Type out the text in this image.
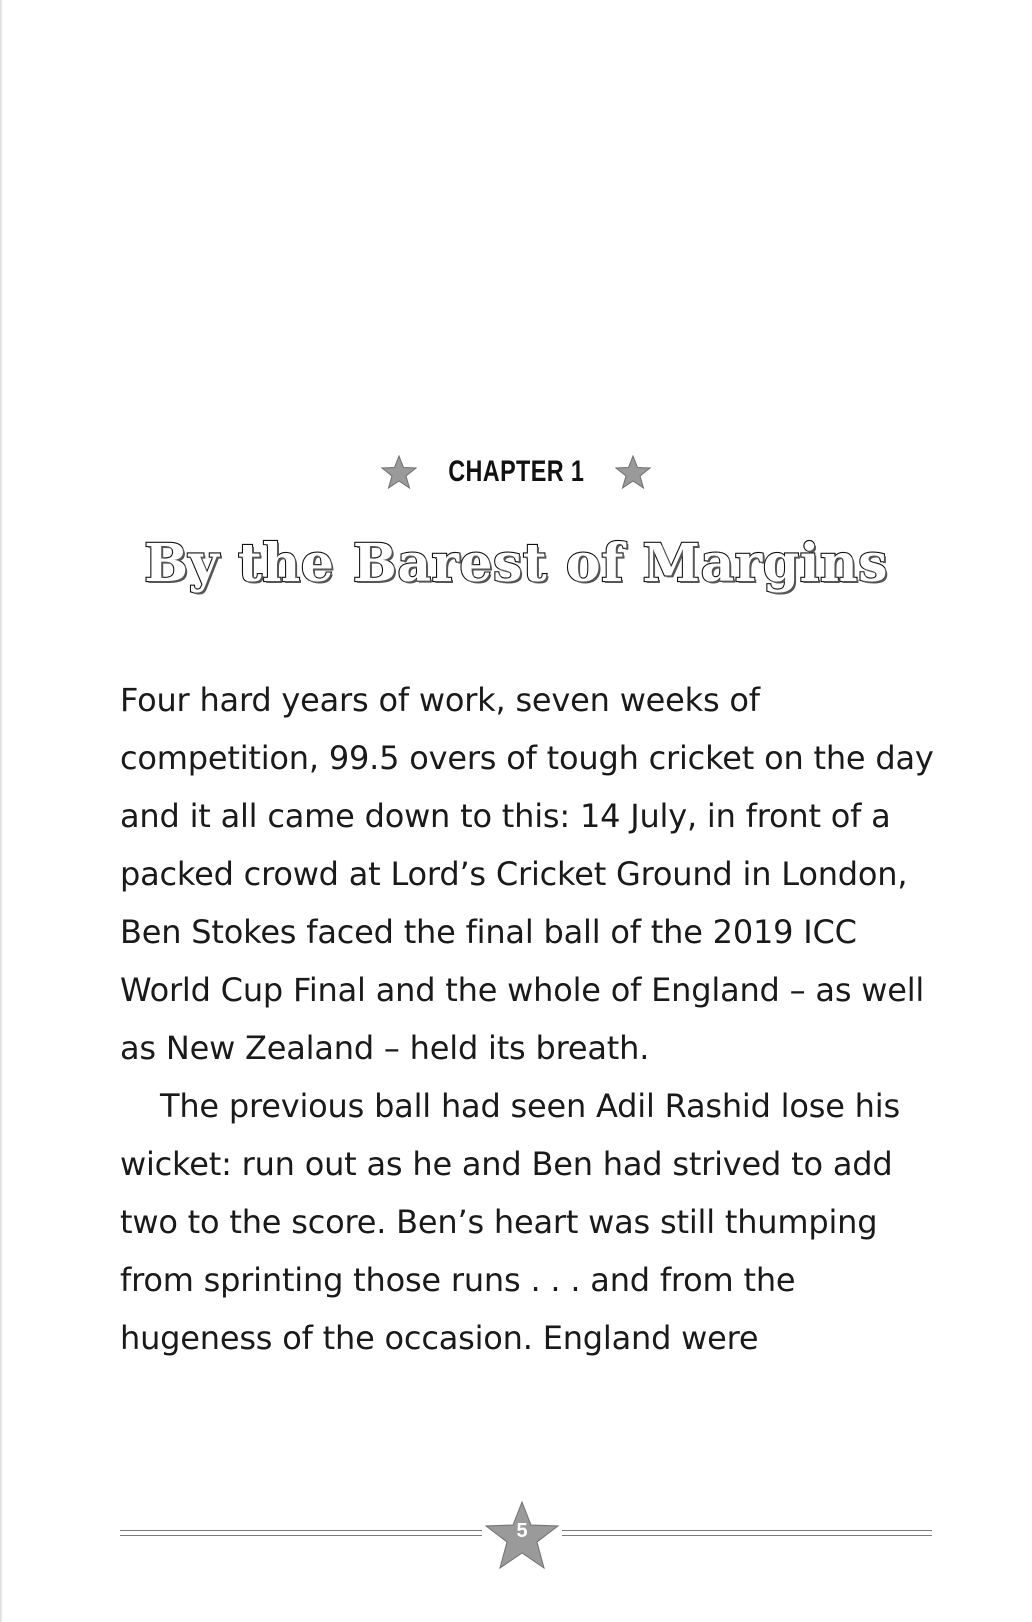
CHAPTER 1
By the Barest of Margins

Four hard years of work, seven weeks of competition, 99.5 overs of tough cricket on the day and it all came down to this: 14 July, in front of a packed crowd at Lord’s Cricket Ground in London, Ben Stokes faced the final ball of the 2019 ICC World Cup Final and the whole of England – as well as New Zealand – held its breath.

The previous ball had seen Adil Rashid lose his wicket: run out as he and Ben had strived to add two to the score. Ben’s heart was still thumping from sprinting those runs . . . and from the hugeness of the occasion. England were

5
